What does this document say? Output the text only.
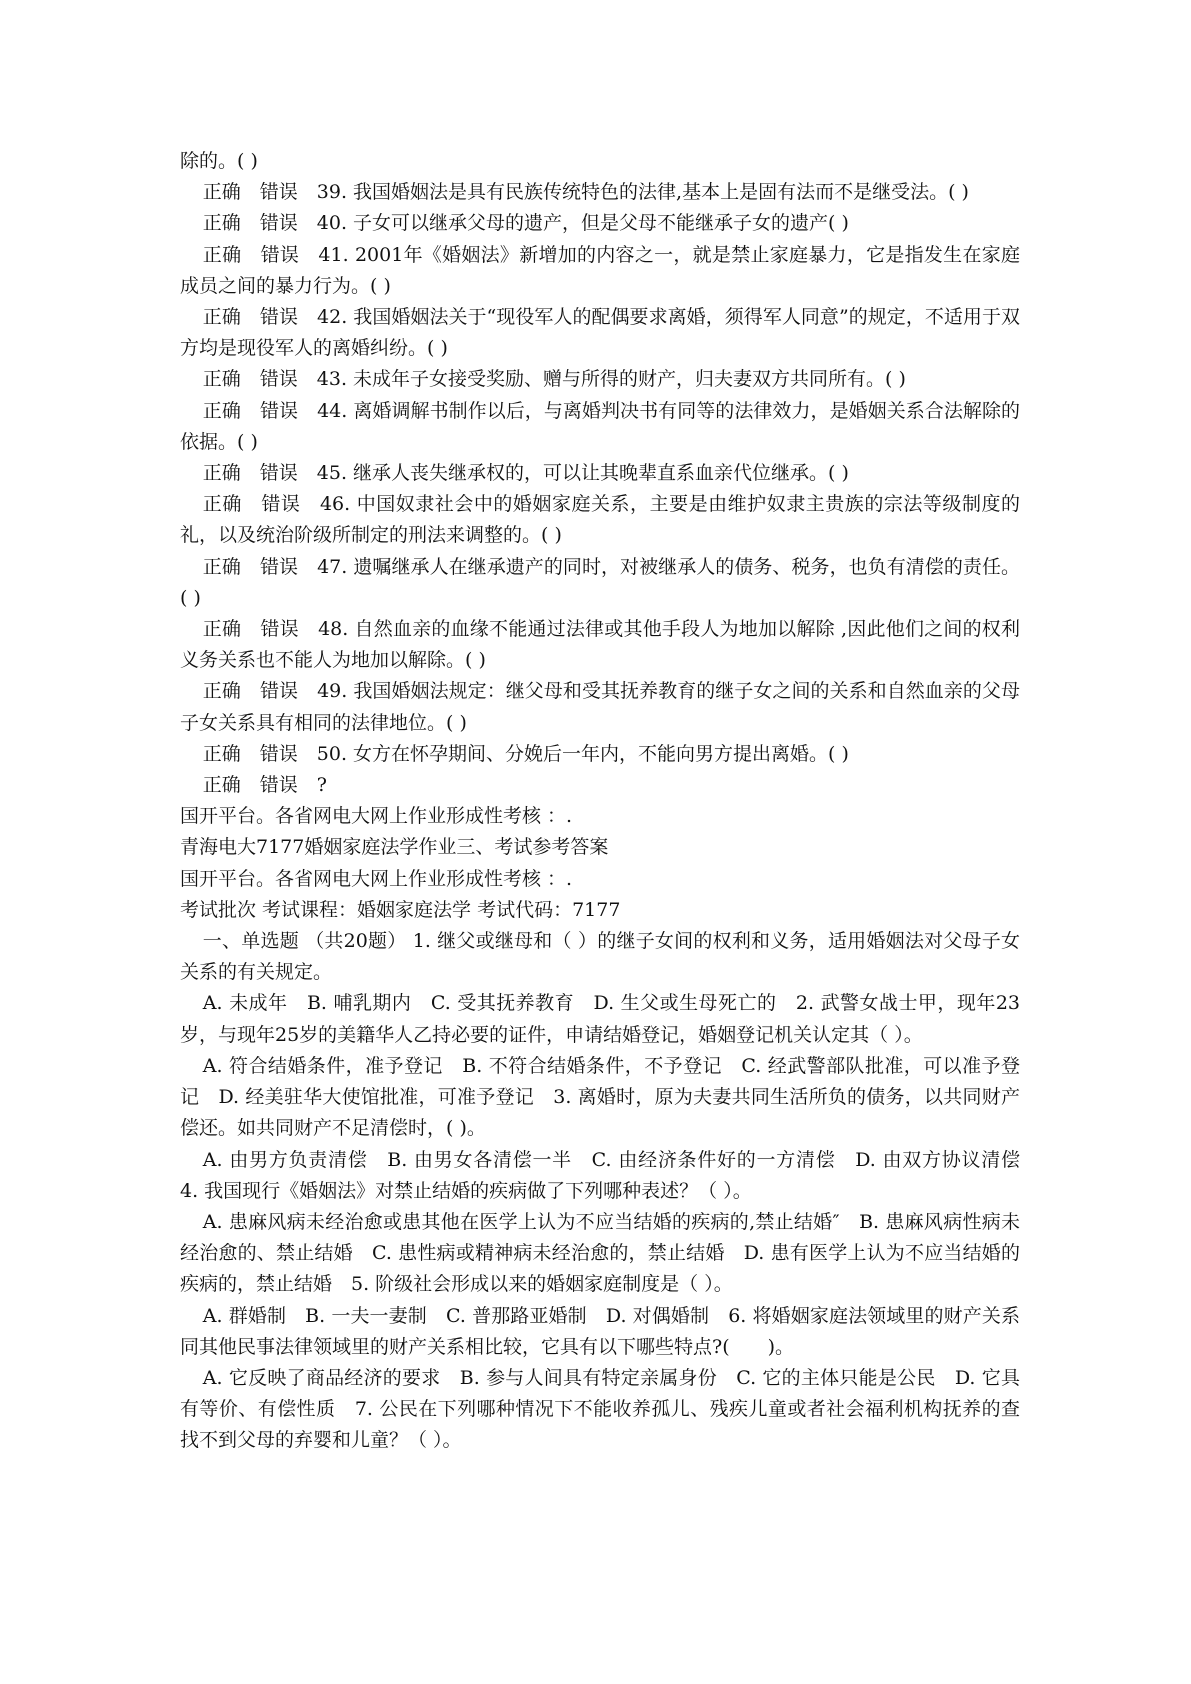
除的。( )

正确　错误　39. 我国婚姻法是具有民族传统特色的法律,基本上是固有法而不是继受法。( )

正确　错误　40. 子女可以继承父母的遗产，但是父母不能继承子女的遗产( )

正确　错误　41. 2001年《婚姻法》新增加的内容之一，就是禁止家庭暴力，它是指发生在家庭成员之间的暴力行为。( )

正确　错误　42. 我国婚姻法关于“现役军人的配偶要求离婚，须得军人同意”的规定，不适用于双方均是现役军人的离婚纠纷。( )

正确　错误　43. 未成年子女接受奖励、赠与所得的财产，归夫妻双方共同所有。( )

正确　错误　44. 离婚调解书制作以后，与离婚判决书有同等的法律效力，是婚姻关系合法解除的依据。( )

正确　错误　45. 继承人丧失继承权的，可以让其晚辈直系血亲代位继承。( )

正确　错误　46. 中国奴隶社会中的婚姻家庭关系，主要是由维护奴隶主贵族的宗法等级制度的礼，以及统治阶级所制定的刑法来调整的。( )

正确　错误　47. 遗嘱继承人在继承遗产的同时，对被继承人的债务、税务，也负有清偿的责任。( )

正确　错误　48. 自然血亲的血缘不能通过法律或其他手段人为地加以解除 ,因此他们之间的权利义务关系也不能人为地加以解除。( )

正确　错误　49. 我国婚姻法规定：继父母和受其抚养教育的继子女之间的关系和自然血亲的父母子女关系具有相同的法律地位。( )

正确　错误　50. 女方在怀孕期间、分娩后一年内，不能向男方提出离婚。( )

正确　错误　?

国开平台。各省网电大网上作业形成性考核 ：.

青海电大7177婚姻家庭法学作业三、考试参考答案

国开平台。各省网电大网上作业形成性考核 ：.

考试批次 考试课程：婚姻家庭法学 考试代码：7177

一、单选题 （共20题） 1. 继父或继母和（ ）的继子女间的权利和义务，适用婚姻法对父母子女关系的有关规定。

A. 未成年　B. 哺乳期内　C. 受其抚养教育　D. 生父或生母死亡的　2. 武警女战士甲，现年23岁，与现年25岁的美籍华人乙持必要的证件，申请结婚登记，婚姻登记机关认定其（ ）。

A. 符合结婚条件，准予登记　B. 不符合结婚条件，不予登记　C. 经武警部队批准，可以准予登记　D. 经美驻华大使馆批准，可准予登记　3. 离婚时，原为夫妻共同生活所负的债务，以共同财产偿还。如共同财产不足清偿时，( )。

A. 由男方负责清偿　B. 由男女各清偿一半　C. 由经济条件好的一方清偿　D. 由双方协议清偿　4. 我国现行《婚姻法》对禁止结婚的疾病做了下列哪种表述？（ ）。

A. 患麻风病未经治愈或患其他在医学上认为不应当结婚的疾病的,禁止结婚″　B. 患麻风病性病未经治愈的、禁止结婚　C. 患性病或精神病未经治愈的，禁止结婚　D. 患有医学上认为不应当结婚的疾病的，禁止结婚　5. 阶级社会形成以来的婚姻家庭制度是（ ）。

A. 群婚制　B. 一夫一妻制　C. 普那路亚婚制　D. 对偶婚制　6. 将婚姻家庭法领域里的财产关系同其他民事法律领域里的财产关系相比较，它具有以下哪些特点?(　　)。

A. 它反映了商品经济的要求　B. 参与人间具有特定亲属身份　C. 它的主体只能是公民　D. 它具有等价、有偿性质　7. 公民在下列哪种情况下不能收养孤儿、残疾儿童或者社会福利机构抚养的查找不到父母的弃婴和儿童？（ ）。
